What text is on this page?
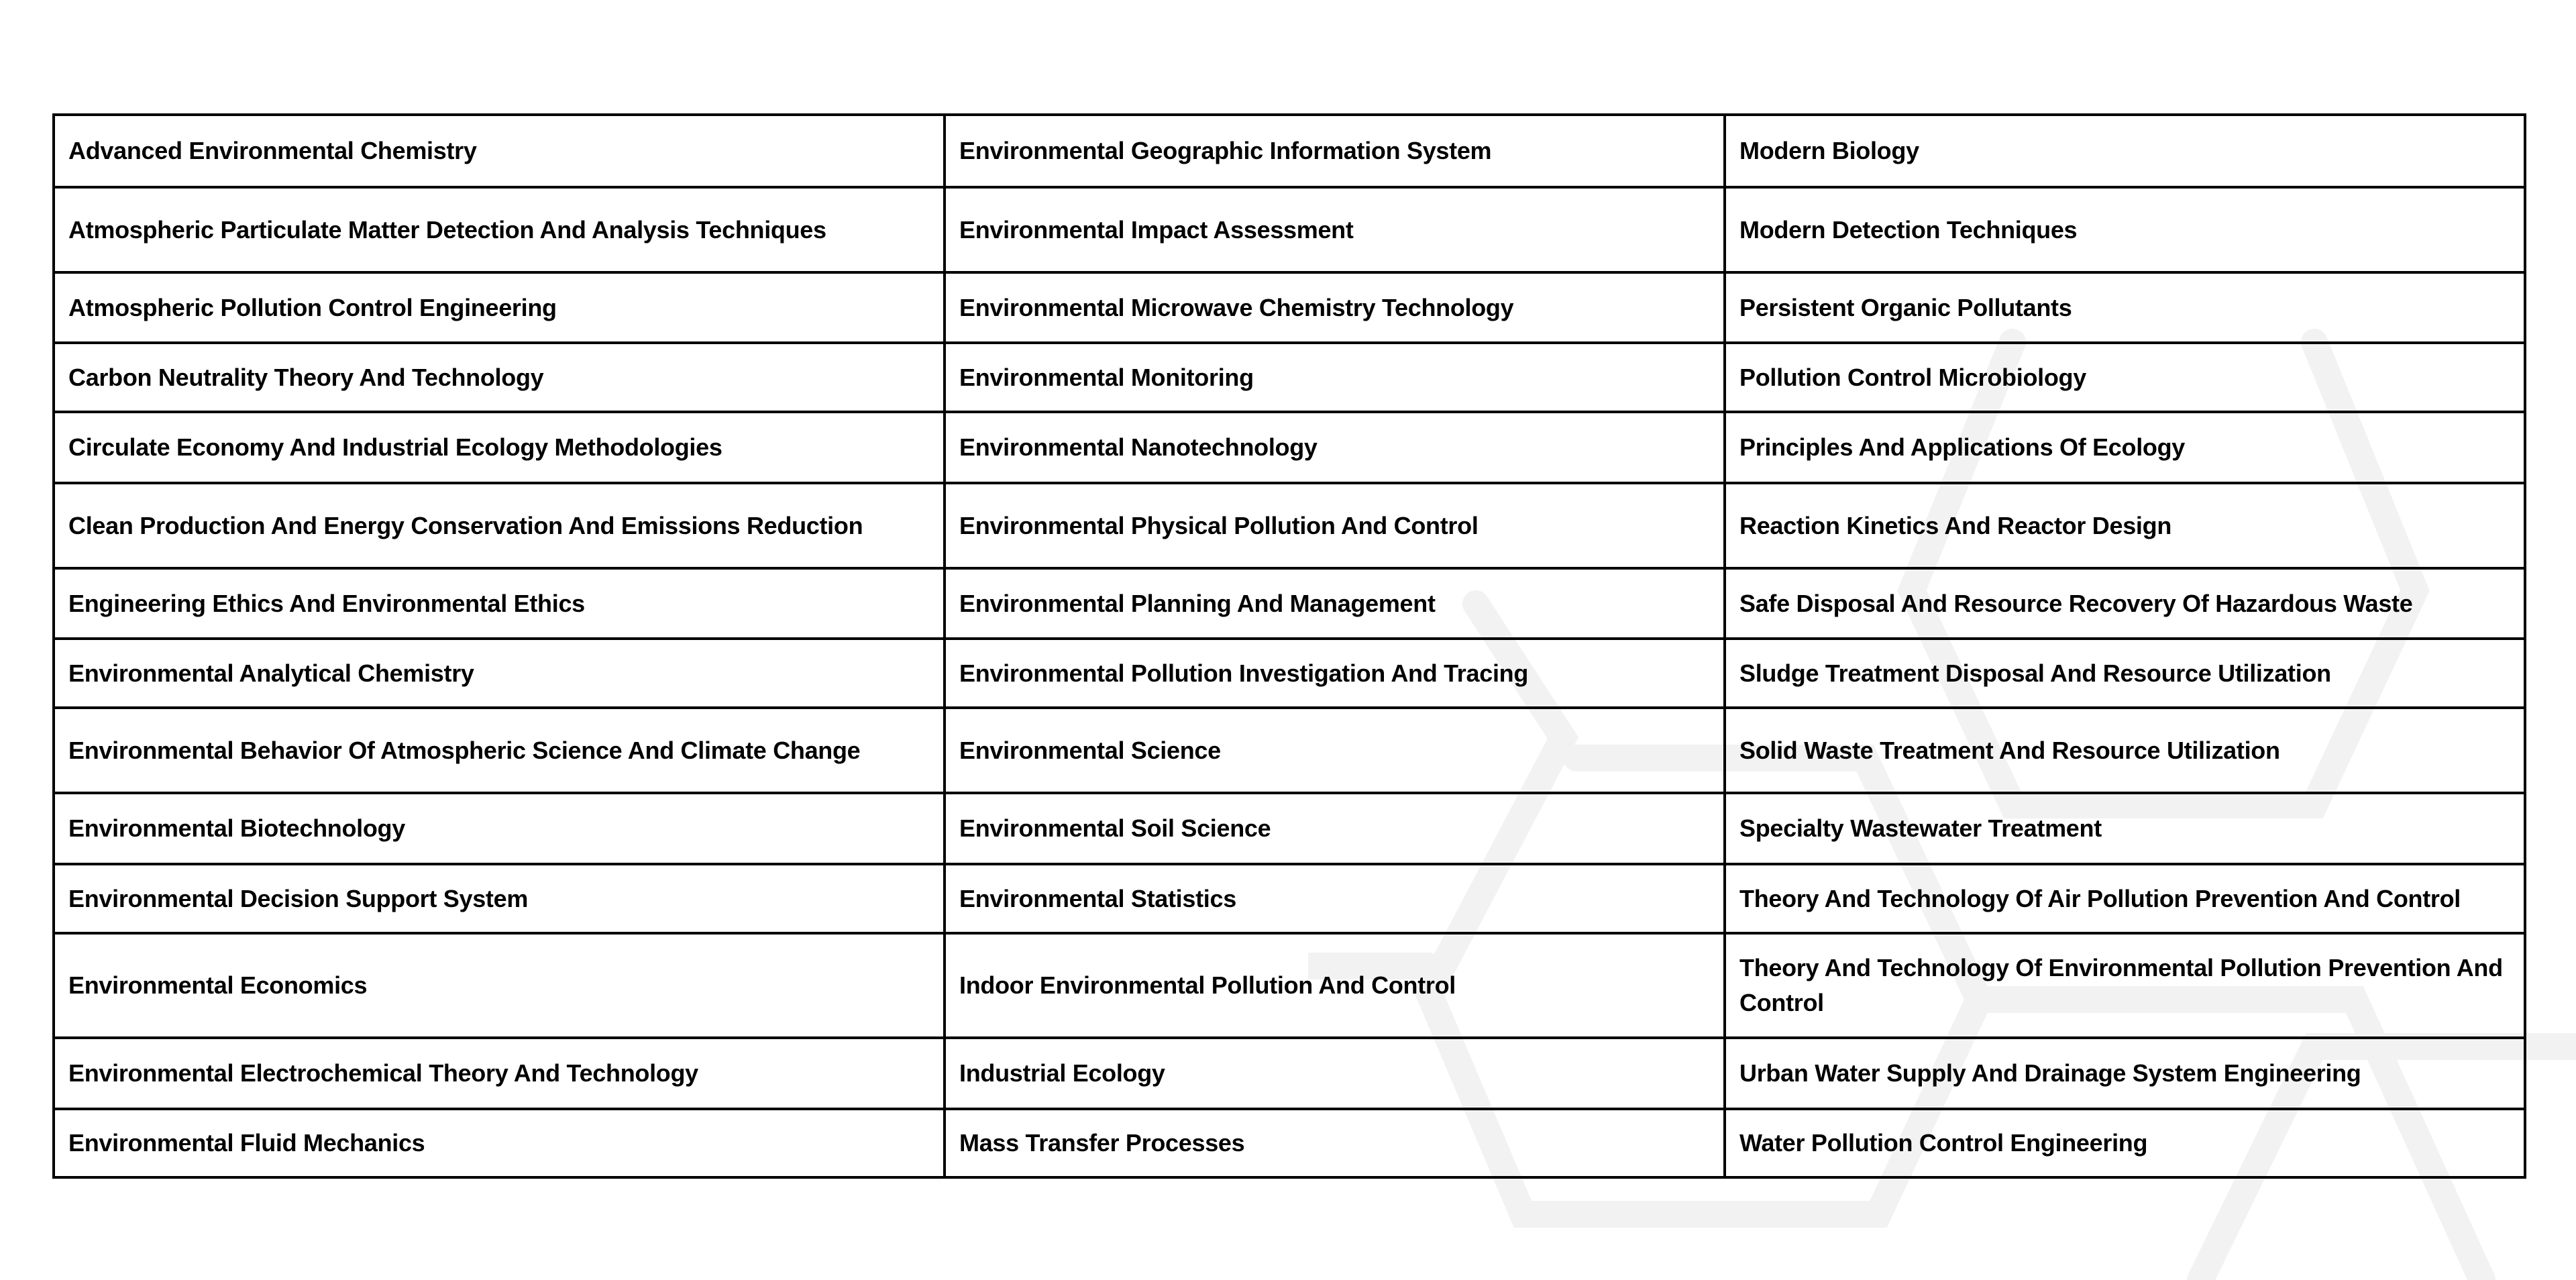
Advanced Environmental Chemistry	Environmental Geographic Information System	Modern Biology
Atmospheric Particulate Matter Detection And Analysis Techniques	Environmental Impact Assessment	Modern Detection Techniques
Atmospheric Pollution Control Engineering	Environmental Microwave Chemistry Technology	Persistent Organic Pollutants
Carbon Neutrality Theory And Technology	Environmental Monitoring	Pollution Control Microbiology
Circulate Economy And Industrial Ecology Methodologies	Environmental Nanotechnology	Principles And Applications Of Ecology
Clean Production And Energy Conservation And Emissions Reduction	Environmental Physical Pollution And Control	Reaction Kinetics And Reactor Design
Engineering Ethics And Environmental Ethics	Environmental Planning And Management	Safe Disposal And Resource Recovery Of Hazardous Waste
Environmental Analytical Chemistry	Environmental Pollution Investigation And Tracing	Sludge Treatment Disposal And Resource Utilization
Environmental Behavior Of Atmospheric Science And Climate Change	Environmental Science	Solid Waste Treatment And Resource Utilization
Environmental Biotechnology	Environmental Soil Science	Specialty Wastewater Treatment
Environmental Decision Support System	Environmental Statistics	Theory And Technology Of Air Pollution Prevention And Control
Environmental Economics	Indoor Environmental Pollution And Control	Theory And Technology Of Environmental Pollution Prevention And Control
Environmental Electrochemical Theory And Technology	Industrial Ecology	Urban Water Supply And Drainage System Engineering
Environmental Fluid Mechanics	Mass Transfer Processes	Water Pollution Control Engineering
